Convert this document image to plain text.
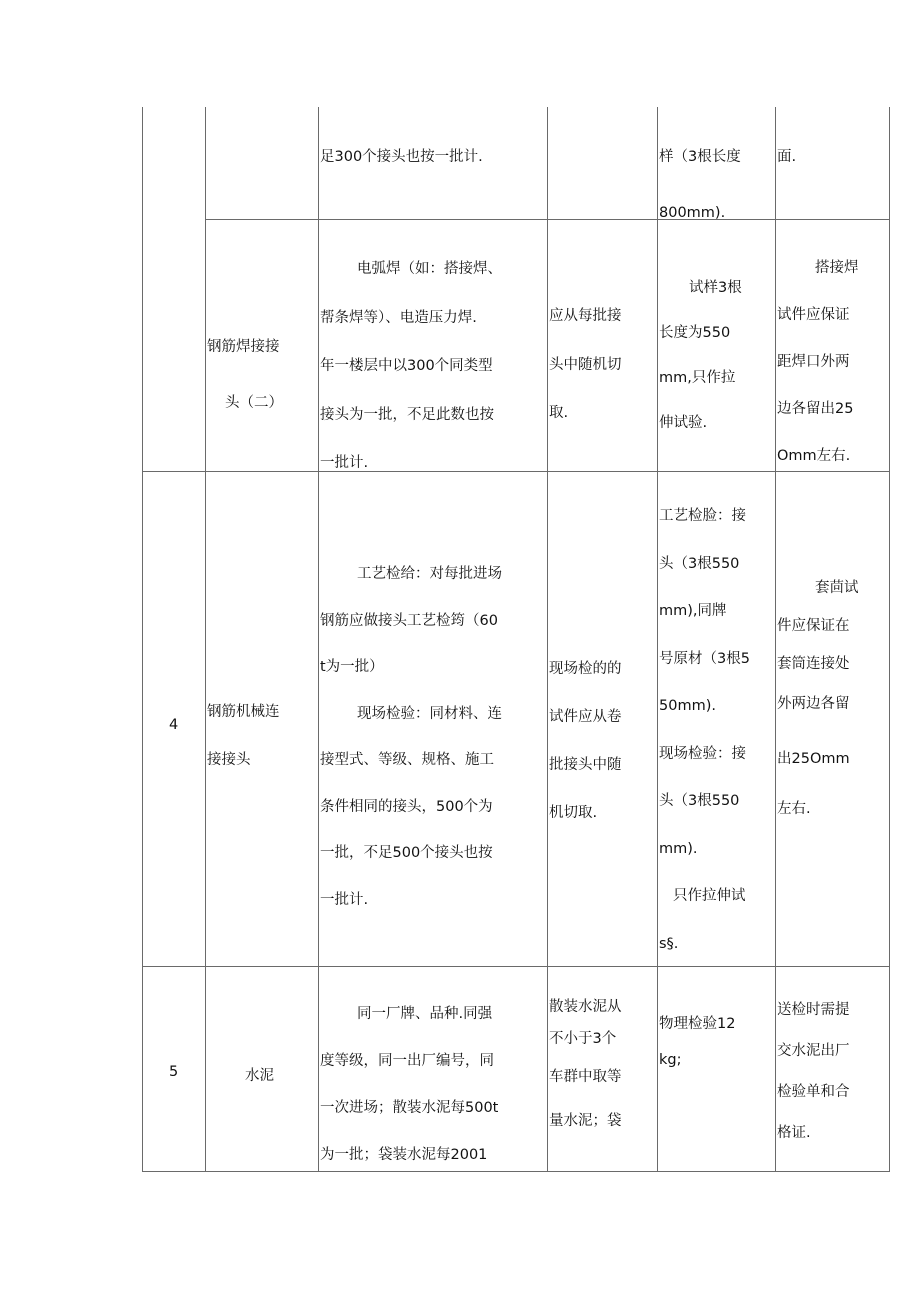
足300个接头也按一批计.	样（3根长度
800mm).
面.
钢筋焊接接
头（二）
电弧焊（如：搭接焊、
帮条焊等）、电造压力焊.
年一楼层中以300个同类型
接头为一批，不足此数也按
一批计.
应从每批接
头中随机切
取.
试样3根
长度为550
mm,只作拉
伸试验.
搭接焊
试件应保证
距焊口外两
边各留出25
Omm左右.
4
钢筋机械连
接接头
工艺检给：对每批进场
钢筋应做接头工艺检筠（60
t为一批）
现场检验：同材料、连
接型式、等级、规格、施工
条件相同的接头，500个为
一批，不足500个接头也按
一批计.
现场检的的
试件应从卷
批接头中随
机切取.
工艺检脸：接
头（3根550
mm),同牌
号原材（3根5
50mm).
现场检验：接
头（3根550
mm).
只作拉伸试
s§.
套茴试
件应保证在
套筒连接处
外两边各留
出25Omm
左右.
5	水泥
同一厂牌、品种.同强
度等级，同一出厂编号，同
一次进场；散装水泥每500t
为一批；袋装水泥每2001
散装水泥从
不小于3个
车群中取等
量水泥；袋
物理检验12
kg;
送检时需提
交水泥出厂
检验单和合
格证.
